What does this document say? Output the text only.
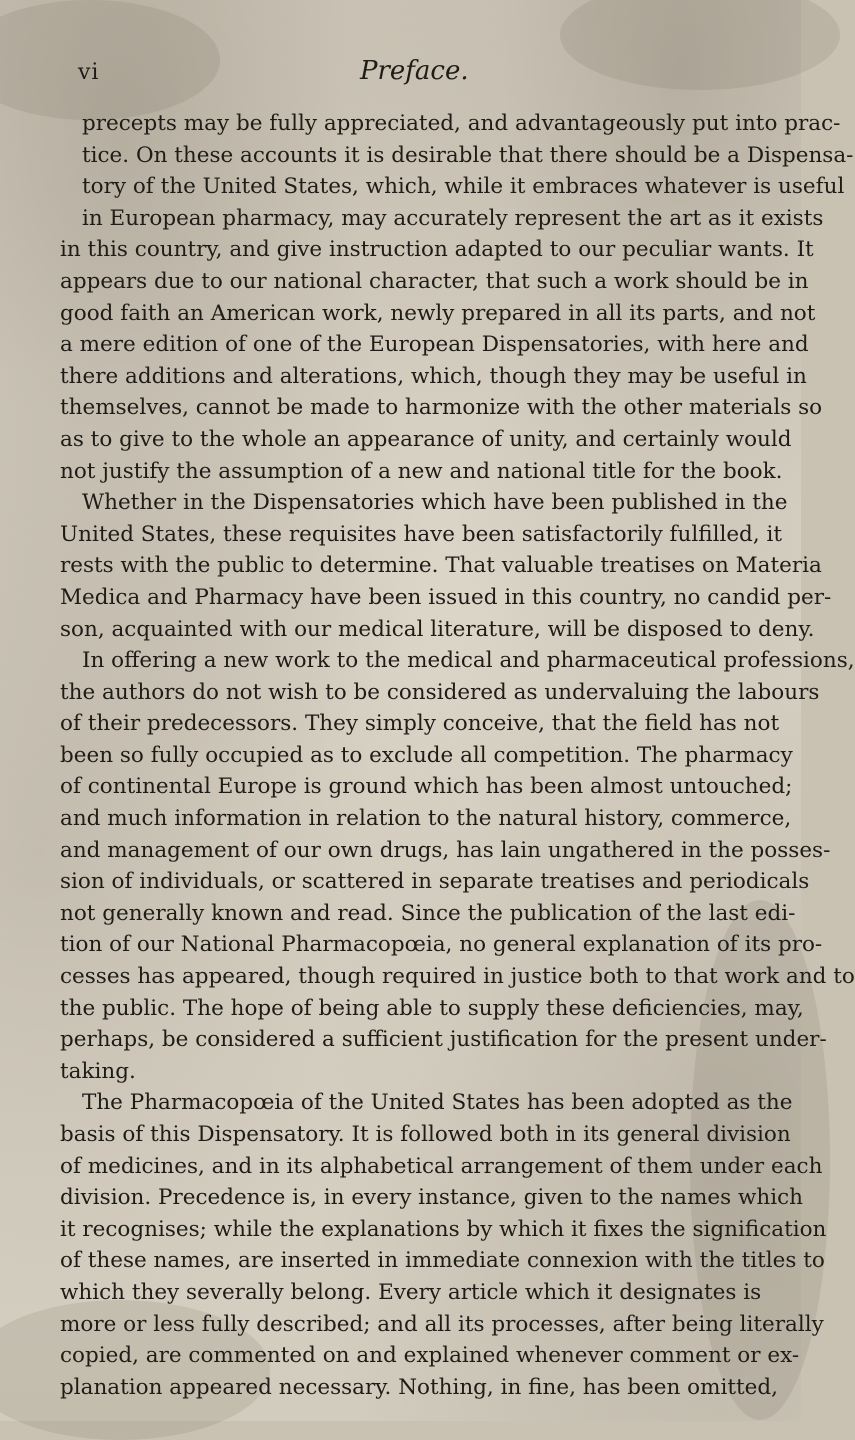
vi	Preface.
precepts may be fully appreciated, and advantageously put into prac-
tice. On these accounts it is desirable that there should be a Dispensa-
tory of the United States, which, while it embraces whatever is useful
in European pharmacy, may accurately represent the art as it exists
in this country, and give instruction adapted to our peculiar wants. It
appears due to our national character, that such a work should be in
good faith an American work, newly prepared in all its parts, and not
a mere edition of one of the European Dispensatories, with here and
there additions and alterations, which, though they may be useful in
themselves, cannot be made to harmonize with the other materials so
as to give to the whole an appearance of unity, and certainly would
not justify the assumption of a new and national title for the book.
Whether in the Dispensatories which have been published in the
United States, these requisites have been satisfactorily fulfilled, it
rests with the public to determine. That valuable treatises on Materia
Medica and Pharmacy have been issued in this country, no candid per-
son, acquainted with our medical literature, will be disposed to deny.
In offering a new work to the medical and pharmaceutical professions,
the authors do not wish to be considered as undervaluing the labours
of their predecessors. They simply conceive, that the field has not
been so fully occupied as to exclude all competition. The pharmacy
of continental Europe is ground which has been almost untouched;
and much information in relation to the natural history, commerce,
and management of our own drugs, has lain ungathered in the posses-
sion of individuals, or scattered in separate treatises and periodicals
not generally known and read. Since the publication of the last edi-
tion of our National Pharmacopœia, no general explanation of its pro-
cesses has appeared, though required in justice both to that work and to
the public. The hope of being able to supply these deficiencies, may,
perhaps, be considered a sufficient justification for the present under-
taking.
The Pharmacopœia of the United States has been adopted as the
basis of this Dispensatory. It is followed both in its general division
of medicines, and in its alphabetical arrangement of them under each
division. Precedence is, in every instance, given to the names which
it recognises; while the explanations by which it fixes the signification
of these names, are inserted in immediate connexion with the titles to
which they severally belong. Every article which it designates is
more or less fully described; and all its processes, after being literally
copied, are commented on and explained whenever comment or ex-
planation appeared necessary. Nothing, in fine, has been omitted,
